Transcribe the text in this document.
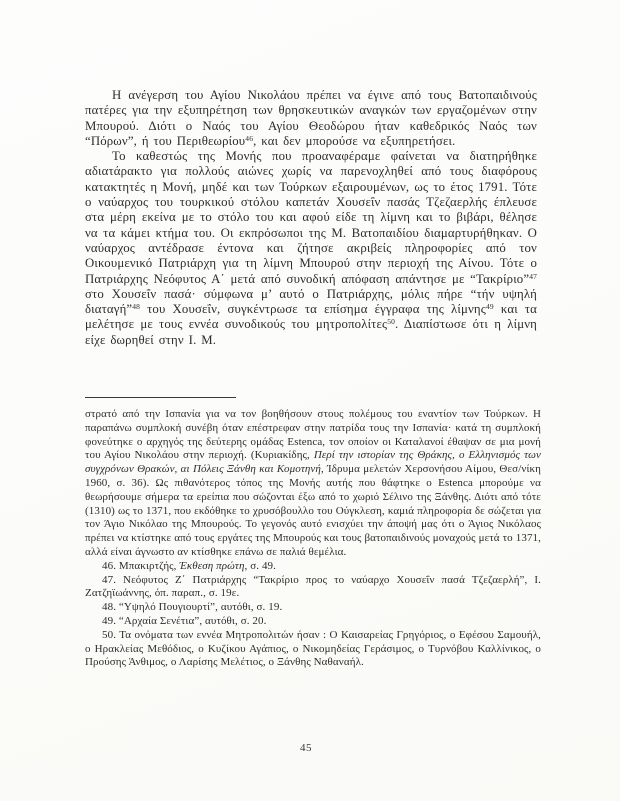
Η ανέγερση του Αγίου Νικολάου πρέπει να έγινε από τους Βατοπαιδινούς πατέρες για την εξυπηρέτηση των θρησκευτικών αναγκών των εργαζομένων στην Μπουρού. Διότι ο Ναός του Αγίου Θεοδώρου ήταν καθεδρικός Ναός των “Πόρων”, ή του Περιθεωρίου$^{46}$, και δεν μπορούσε να εξυπηρετήσει.

Το καθεστώς της Μονής που προαναφέραμε φαίνεται να διατηρήθηκε αδιατάρακτο για πολλούς αιώνες χωρίς να παρενοχληθεί από τους διαφόρους κατακτητές η Μονή, μηδέ και των Τούρκων εξαιρουμένων, ως το έτος 1791. Τότε ο ναύαρχος του τουρκικού στόλου καπετάν Χουσεΐν πασάς Τζεζαερλής έπλευσε στα μέρη εκείνα με το στόλο του και αφού είδε τη λίμνη και το βιβάρι, θέλησε να τα κάμει κτήμα του. Οι εκπρόσωποι της Μ. Βατοπαιδίου διαμαρτυρήθηκαν. Ο ναύαρχος αντέδρασε έντονα και ζήτησε ακριβείς πληροφορίες από τον Οικουμενικό Πατριάρχη για τη λίμνη Μπουρού στην περιοχή της Αίνου. Τότε ο Πατριάρχης Νεόφυτος Α΄ μετά από συνοδική απόφαση απάντησε με “Τακρίριο”$^{47}$ στο Χουσεΐν πασά· σύμφωνα μ’ αυτό ο Πατριάρχης, μόλις πήρε “τήν υψηλή διαταγή”$^{48}$ του Χουσεΐν, συγκέντρωσε τα επίσημα έγγραφα της λίμνης$^{49}$ και τα μελέτησε με τους εννέα συνοδικούς του μητροπολίτες$^{50}$. Διαπίστωσε ότι η λίμνη είχε δωρηθεί στην Ι. Μ.

στρατό από την Ισπανία για να τον βοηθήσουν στους πολέμους του εναντίον των Τούρκων. Η παραπάνω συμπλοκή συνέβη όταν επέστρεφαν στην πατρίδα τους την Ισπανία· κατά τη συμπλοκή φονεύτηκε ο αρχηγός της δεύτερης ομάδας Estenca, τον οποίον οι Καταλανοί έθαψαν σε μια μονή του Αγίου Νικολάου στην περιοχή. (Κυριακίδης, Περί την ιστορίαν της Θράκης, ο Ελληνισμός των συγχρόνων Θρακών, αι Πόλεις Ξάνθη και Κομοτηνή, Ίδρυμα μελετών Χερσονήσου Αίμου, Θεσ/νίκη 1960, σ. 36). Ως πιθανότερος τόπος της Μονής αυτής που θάφτηκε ο Estenca μπορούμε να θεωρήσουμε σήμερα τα ερείπια που σώζονται έξω από το χωριό Σέλινο της Ξάνθης. Διότι από τότε (1310) ως το 1371, που εκδόθηκε το χρυσόβουλλο του Ούγκλεση, καμιά πληροφορία δε σώζεται για τον Άγιο Νικόλαο της Μπουρούς. Το γεγονός αυτό ενισχύει την άποψή μας ότι ο Άγιος Νικόλαος πρέπει να κτίστηκε από τους εργάτες της Μπουρούς και τους βατοπαιδινούς μοναχούς μετά το 1371, αλλά είναι άγνωστο αν κτίσθηκε επάνω σε παλιά θεμέλια.

46. Μπακιρτζής, Έκθεση πρώτη, σ. 49.

47. Νεόφυτος Ζ΄ Πατριάρχης “Τακρίριο προς το ναύαρχο Χουσεΐν πασά Τζεζαερλή”, Ι. Ζατζηϊωάννης, όπ. παραπ., σ. 19ε.

48. “Υψηλό Πουγιουρτί”, αυτόθι, σ. 19.

49. “Αρχαία Σενέτια”, αυτόθι, σ. 20.

50. Τα ονόματα των εννέα Μητροπολιτών ήσαν : Ο Καισαρείας Γρηγόριος, ο Εφέσου Σαμουήλ, ο Ηρακλείας Μεθόδιος, ο Κυζίκου Αγάπιος, ο Νικομηδείας Γεράσιμος, ο Τυρνόβου Καλλίνικος, ο Προύσης Άνθιμος, ο Λαρίσης Μελέτιος, ο Ξάνθης Ναθαναήλ.

45
